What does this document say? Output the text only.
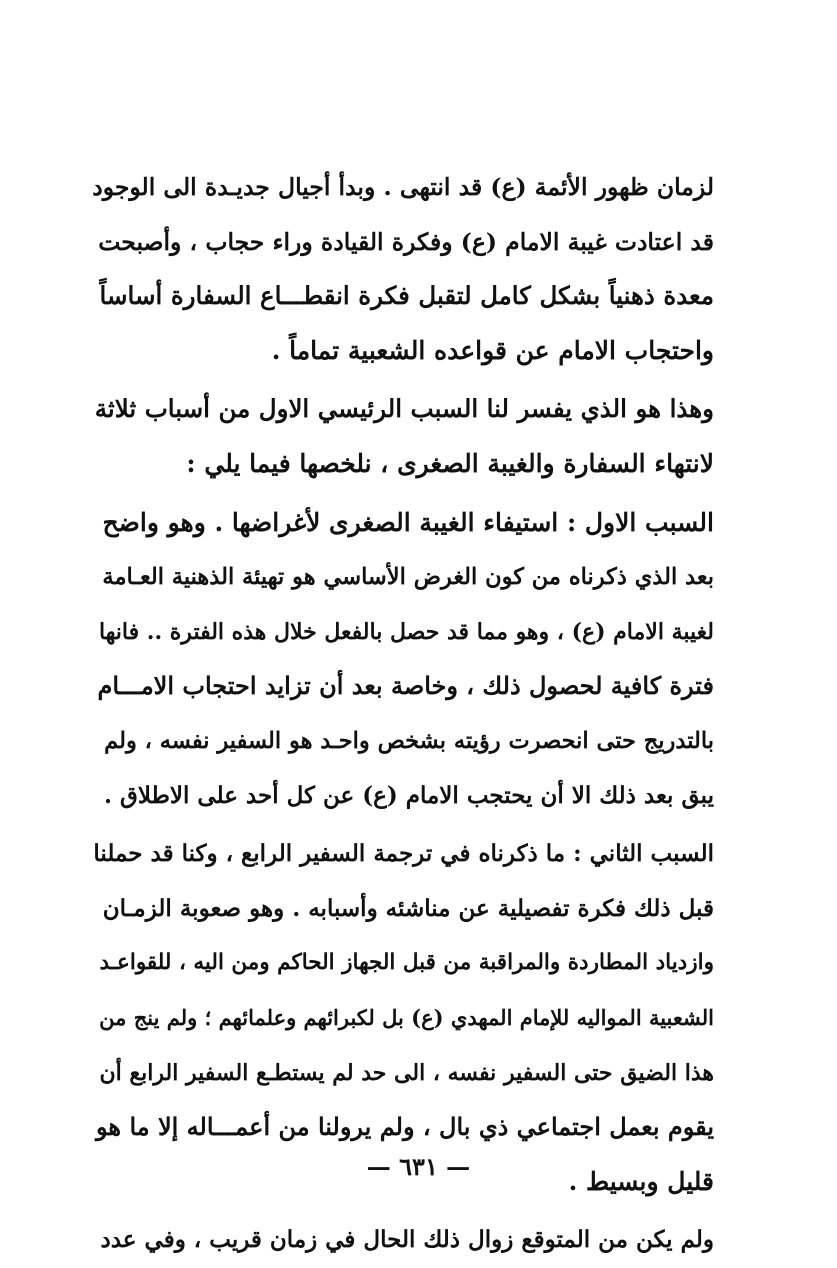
لزمان ظهور الأئمة (ع) قد انتهى . وبدأ أجيال جديـدة الى الوجود
قد اعتادت غيبة الامام (ع) وفكرة القيادة وراء حجاب ، وأصبحت
معدة ذهنياً بشكل كامل لتقبل فكرة انقطـــاع السفارة أساساً
واحتجاب الامام عن قواعده الشعبية تماماً .

وهذا هو الذي يفسر لنا السبب الرئيسي الاول من أسباب ثلاثة
لانتهاء السفارة والغيبة الصغرى ، نلخصها فيما يلي :

السبب الاول : استيفاء الغيبة الصغرى لأغراضها . وهو واضح
بعد الذي ذكرناه من كون الغرض الأساسي هو تهيئة الذهنية العـامة
لغيبة الامام (ع) ، وهو مما قد حصل بالفعل خلال هذه الفترة .. فانها
فترة كافية لحصول ذلك ، وخاصة بعد أن تزايد احتجاب الامـــام
بالتدريج حتى انحصرت رؤيته بشخص واحـد هو السفير نفسه ، ولم
يبق بعد ذلك الا أن يحتجب الامام (ع) عن كل أحد على الاطلاق .

السبب الثاني : ما ذكرناه في ترجمة السفير الرابع ، وكنا قد حملنا
قبل ذلك فكرة تفصيلية عن مناشئه وأسبابه . وهو صعوبة الزمـان
وازدياد المطاردة والمراقبة من قبل الجهاز الحاكم ومن اليه ، للقواعـد
الشعبية المواليه للإمام المهدي (ع) بل لكبرائهم وعلمائهم ؛ ولم ينج من
هذا الضيق حتى السفير نفسه ، الى حد لم يستطـع السفير الرابع أن
يقوم بعمل اجتماعي ذي بال ، ولم يرولنا من أعمـــاله إلا ما هو
قليل وبسيط .

ولم يكن من المتوقع زوال ذلك الحال في زمان قريب ، وفي عدد

— ٦٣١ —
